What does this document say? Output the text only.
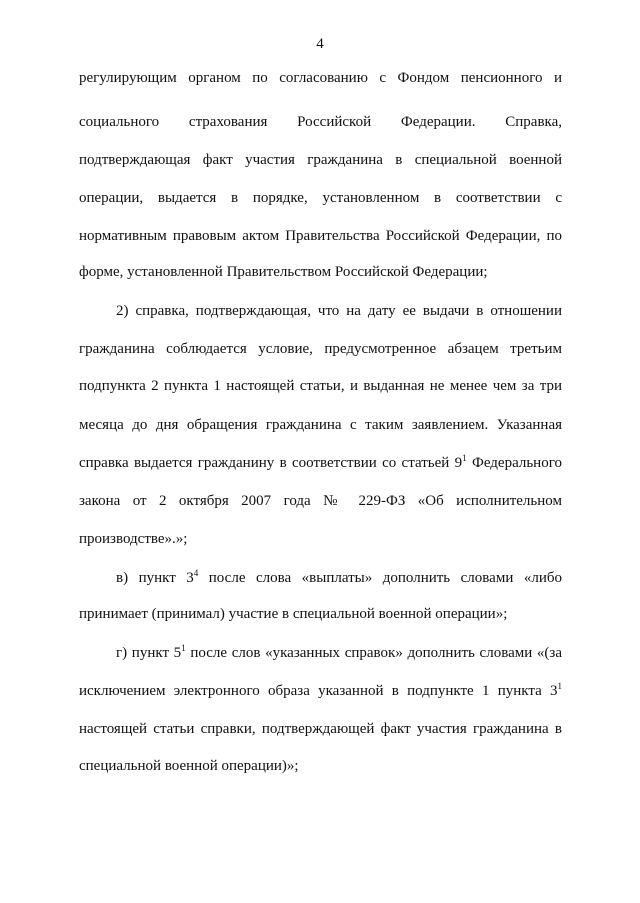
4
регулирующим органом по согласованию с Фондом пенсионного и
социального страхования Российской Федерации. Справка,
подтверждающая факт участия гражданина в специальной военной
операции, выдается в порядке, установленном в соответствии с
нормативным правовым актом Правительства Российской Федерации, по
форме, установленной Правительством Российской Федерации;
2) справка, подтверждающая, что на дату ее выдачи в отношении
гражданина соблюдается условие, предусмотренное абзацем третьим
подпункта 2 пункта 1 настоящей статьи, и выданная не менее чем за три
месяца до дня обращения гражданина с таким заявлением. Указанная
справка выдается гражданину в соответствии со статьей $9^1$ Федерального
закона от 2 октября 2007 года № 229-ФЗ «Об исполнительном
производстве».»;
в) пункт $3^4$ после слова «выплаты» дополнить словами «либо
принимает (принимал) участие в специальной военной операции»;
г) пункт $5^1$ после слов «указанных справок» дополнить словами «(за
исключением электронного образа указанной в подпункте 1 пункта $3^1$
настоящей статьи справки, подтверждающей факт участия гражданина в
специальной военной операции)»;
